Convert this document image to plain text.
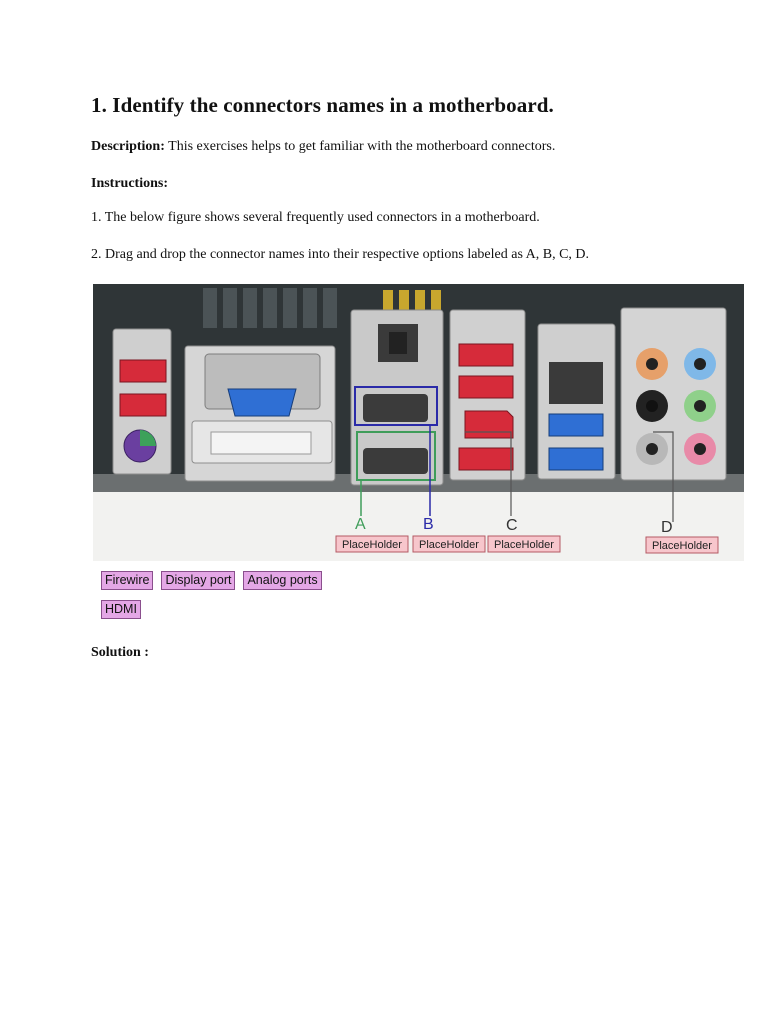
1. Identify the connectors names in a motherboard.

Description: This exercises helps to get familiar with the motherboard connectors.

Instructions:

1. The below figure shows several frequently used connectors in a motherboard.

2. Drag and drop the connector names into their respective options labeled as A, B, C, D.

A	B	C	D
PlaceHolder PlaceHolder PlaceHolder	PlaceHolder
Firewire Display port Analog ports
HDMI

Solution :
